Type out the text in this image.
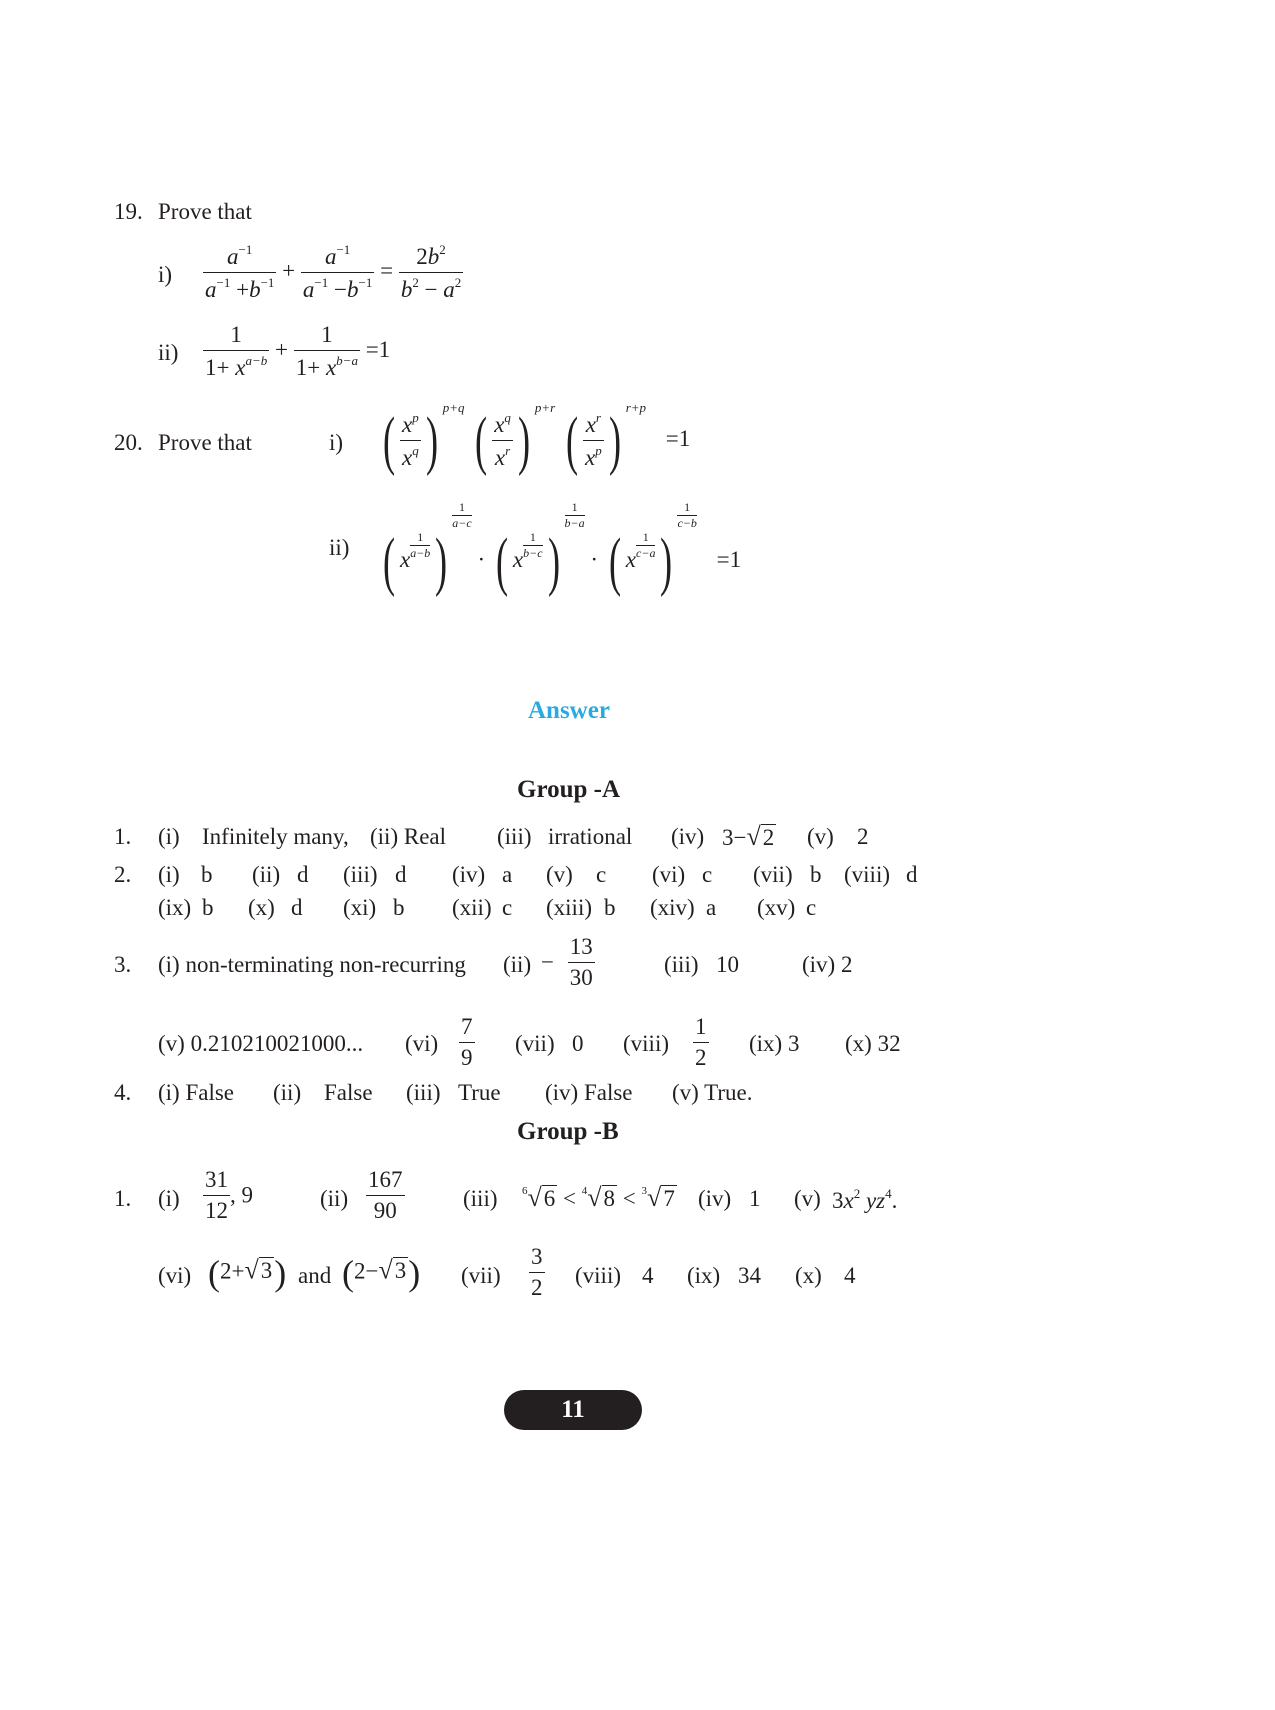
19. Prove that
$i) \frac{a^{-1}}{a^{-1} +b^{-1}} + \frac{a^{-1}}{a^{-1} -b^{-1}} = \frac{2b^2}{b^2 - a^2}$
$ii) \frac{1}{1+ x^{a-b}} + \frac{1}{1+ x^{b-a}} =1$
20. Prove that	i) ( $\frac{x^p}{x^q}$ ) $^{p+q}$ ( $\frac{x^q}{x^r}$ ) $^{p+r}$ ( $\frac{x^r}{x^p}$ ) $^{r+p}$ =1
ii) ( x $\frac{1}{a-b}$ )
$\frac{1}{a-c}$
· ( x $\frac{1}{b-c}$ )
$\frac{1}{b-a}$
· ( x $\frac{1}{c-a}$ )
$\frac{1}{c-b}$
=1
Answer
Group -A
1. (i) Infinitely many, (ii) Real (iii) irrational (iv) 3−√2 (v) 2
2. (i) b (ii) d (iii) d (iv) a (v) c (vi) c (vii) b (viii) d
(ix) b (x) d (xi) b (xii) c (xiii) b (xiv) a (xv) c
3. (i) non-terminating non-recurring $(ii) - \frac{13}{30}$	(iii) 10	(iv) 2
(v) 0.210210021000... $(vi) \frac{7}{9} (vii)$ 0 (viii) $\frac{1}{2} (ix)$ 3 (x) 32
4. (i) False (ii) False (iii) True (iv) False (v) True.
Group -B
1. $(i) \frac{31}{12}$ , 9	$(ii) \frac{167}{90}$	(iii) $^6$√6 < $^4$√8 < $^3$√7 (iv) 1 (v) $3x^2$ $yz^4$.
(vi) (2+√3) and (2−√3) $(vii) \frac{3}{2}$ (viii) 4 (ix) 34 (x) 4
11
